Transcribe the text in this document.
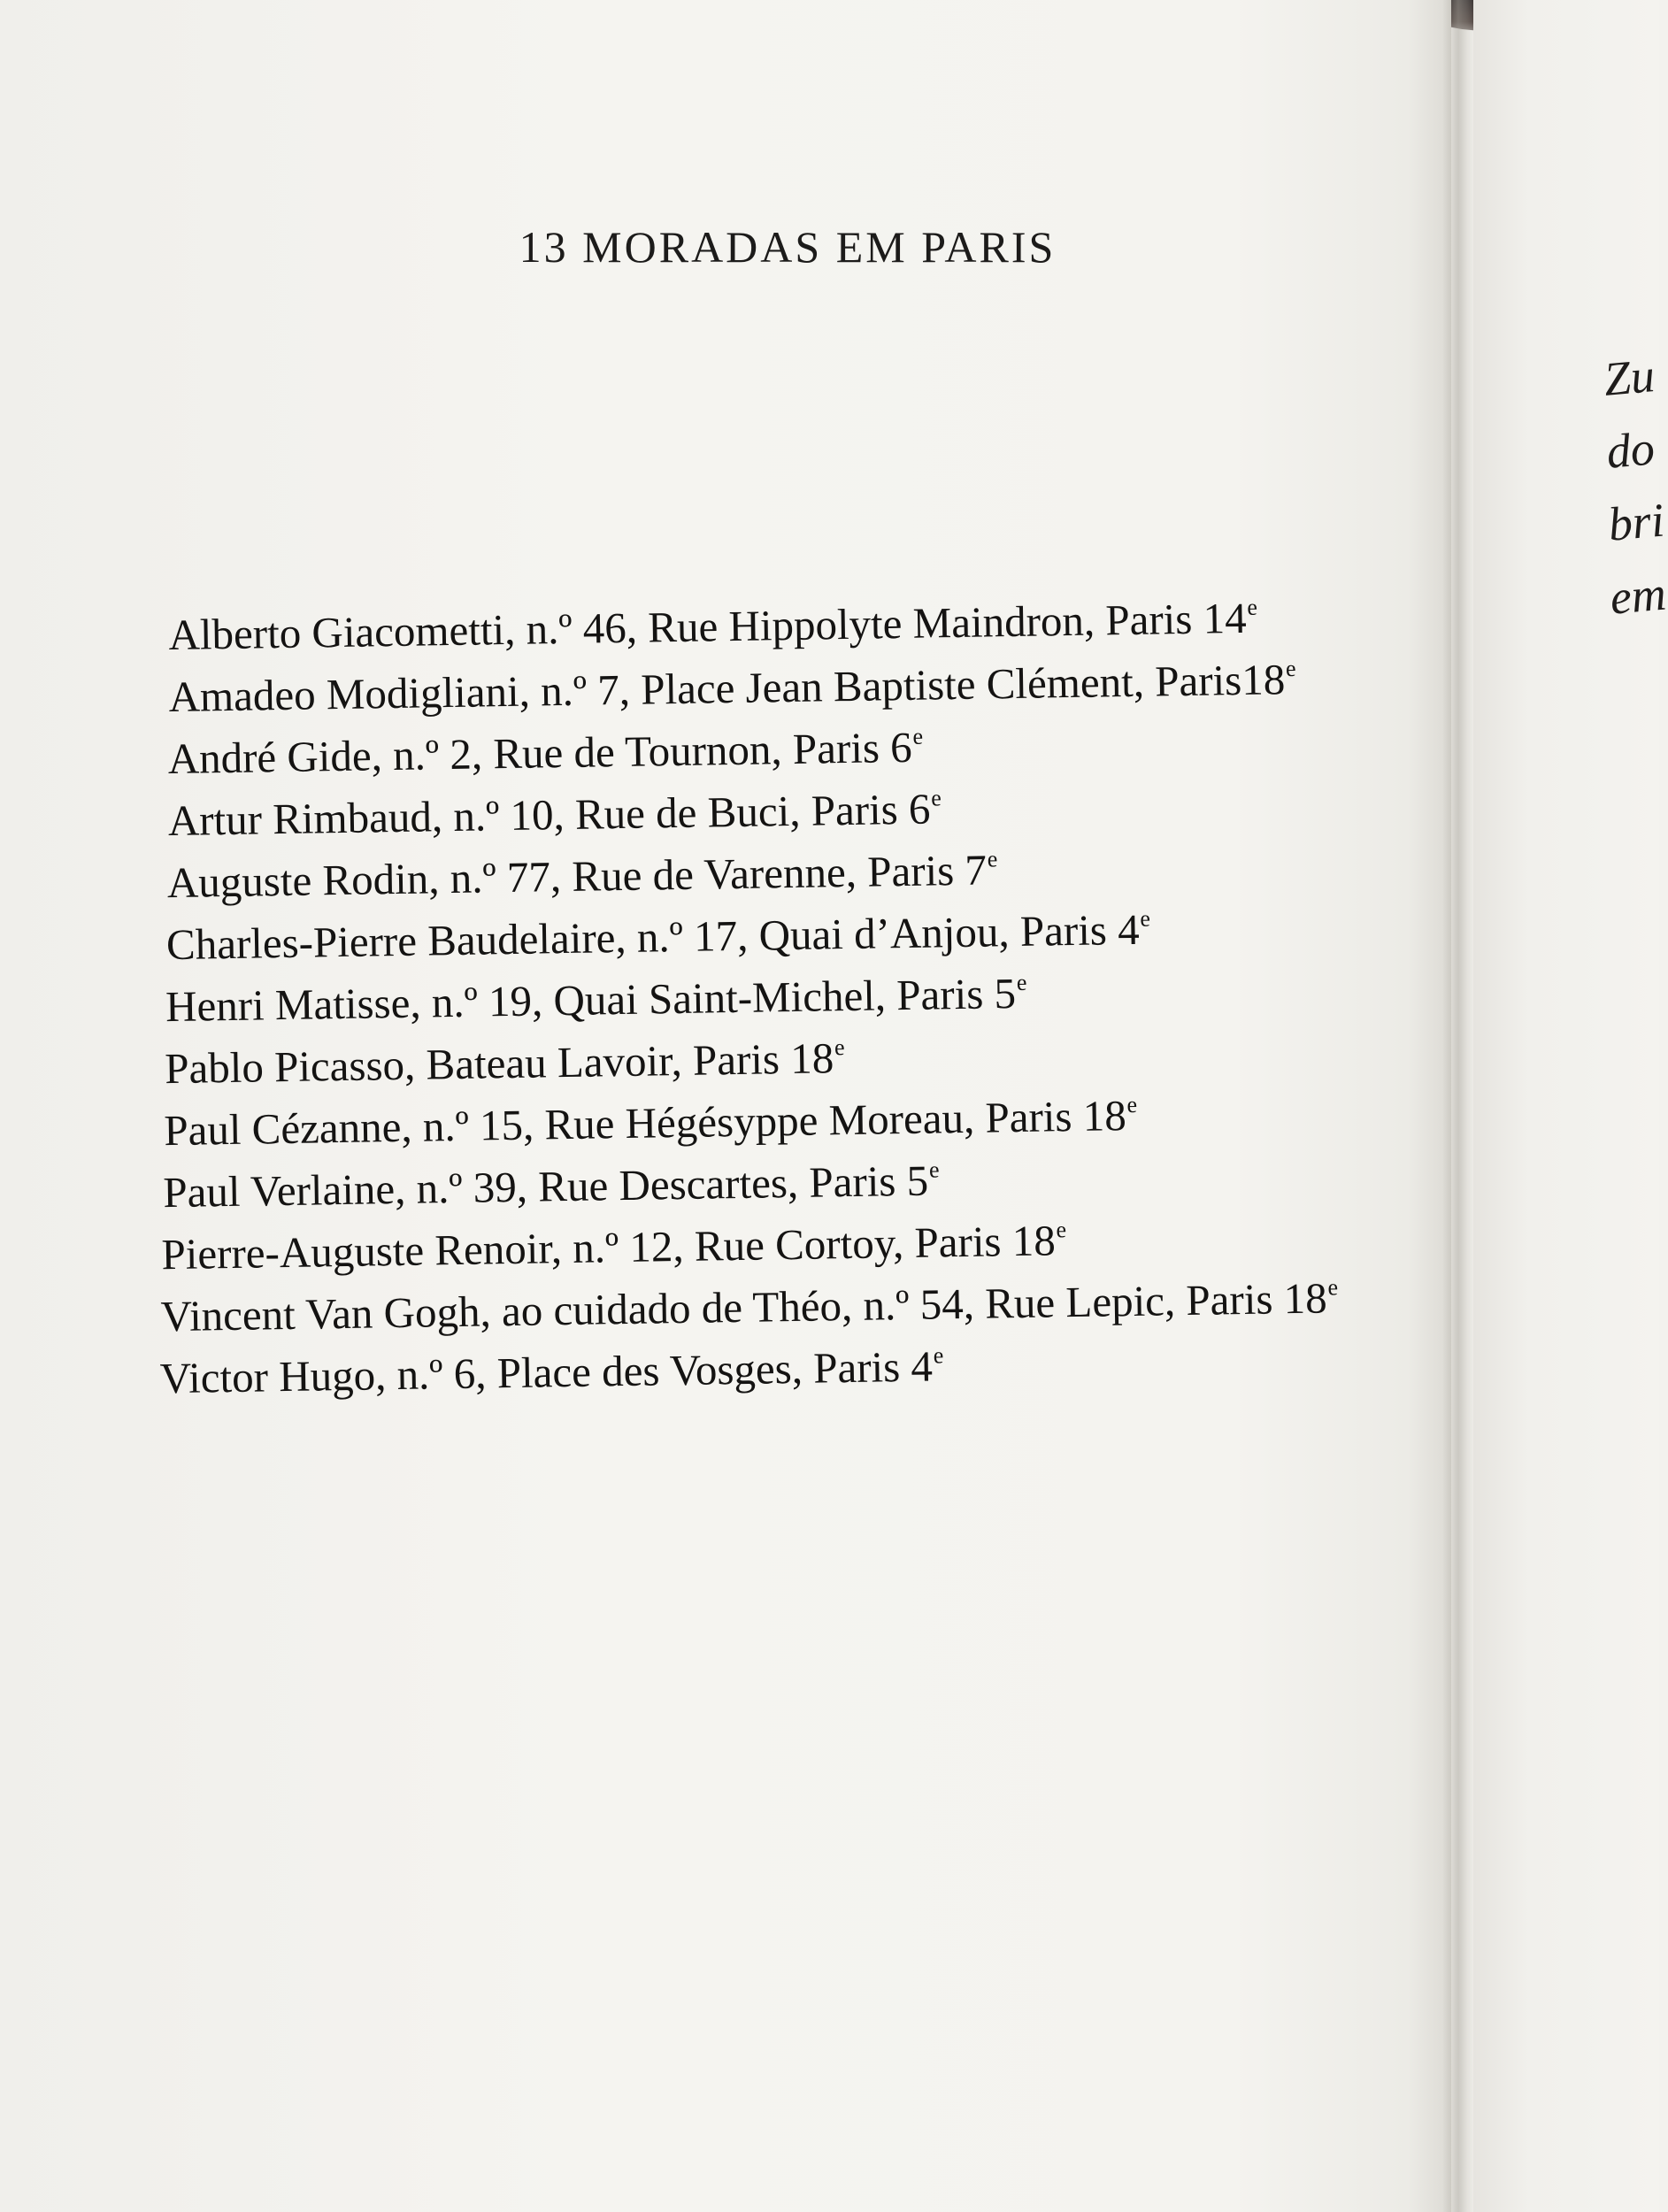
13 MORADAS EM PARIS
Alberto Giacometti, n.º 46, Rue Hippolyte Maindron, Paris 14e
Amadeo Modigliani, n.º 7, Place Jean Baptiste Clément, Paris18e
André Gide, n.º 2, Rue de Tournon, Paris 6e
Artur Rimbaud, n.º 10, Rue de Buci, Paris 6e
Auguste Rodin, n.º 77, Rue de Varenne, Paris 7e
Charles-Pierre Baudelaire, n.º 17, Quai d’Anjou, Paris 4e
Henri Matisse, n.º 19, Quai Saint-Michel, Paris 5e
Pablo Picasso, Bateau Lavoir, Paris 18e
Paul Cézanne, n.º 15, Rue Hégésyppe Moreau, Paris 18e
Paul Verlaine, n.º 39, Rue Descartes, Paris 5e
Pierre-Auguste Renoir, n.º 12, Rue Cortoy, Paris 18e
Vincent Van Gogh, ao cuidado de Théo, n.º 54, Rue Lepic, Paris 18e
Victor Hugo, n.º 6, Place des Vosges, Paris 4e
Zu
do
bri
em
